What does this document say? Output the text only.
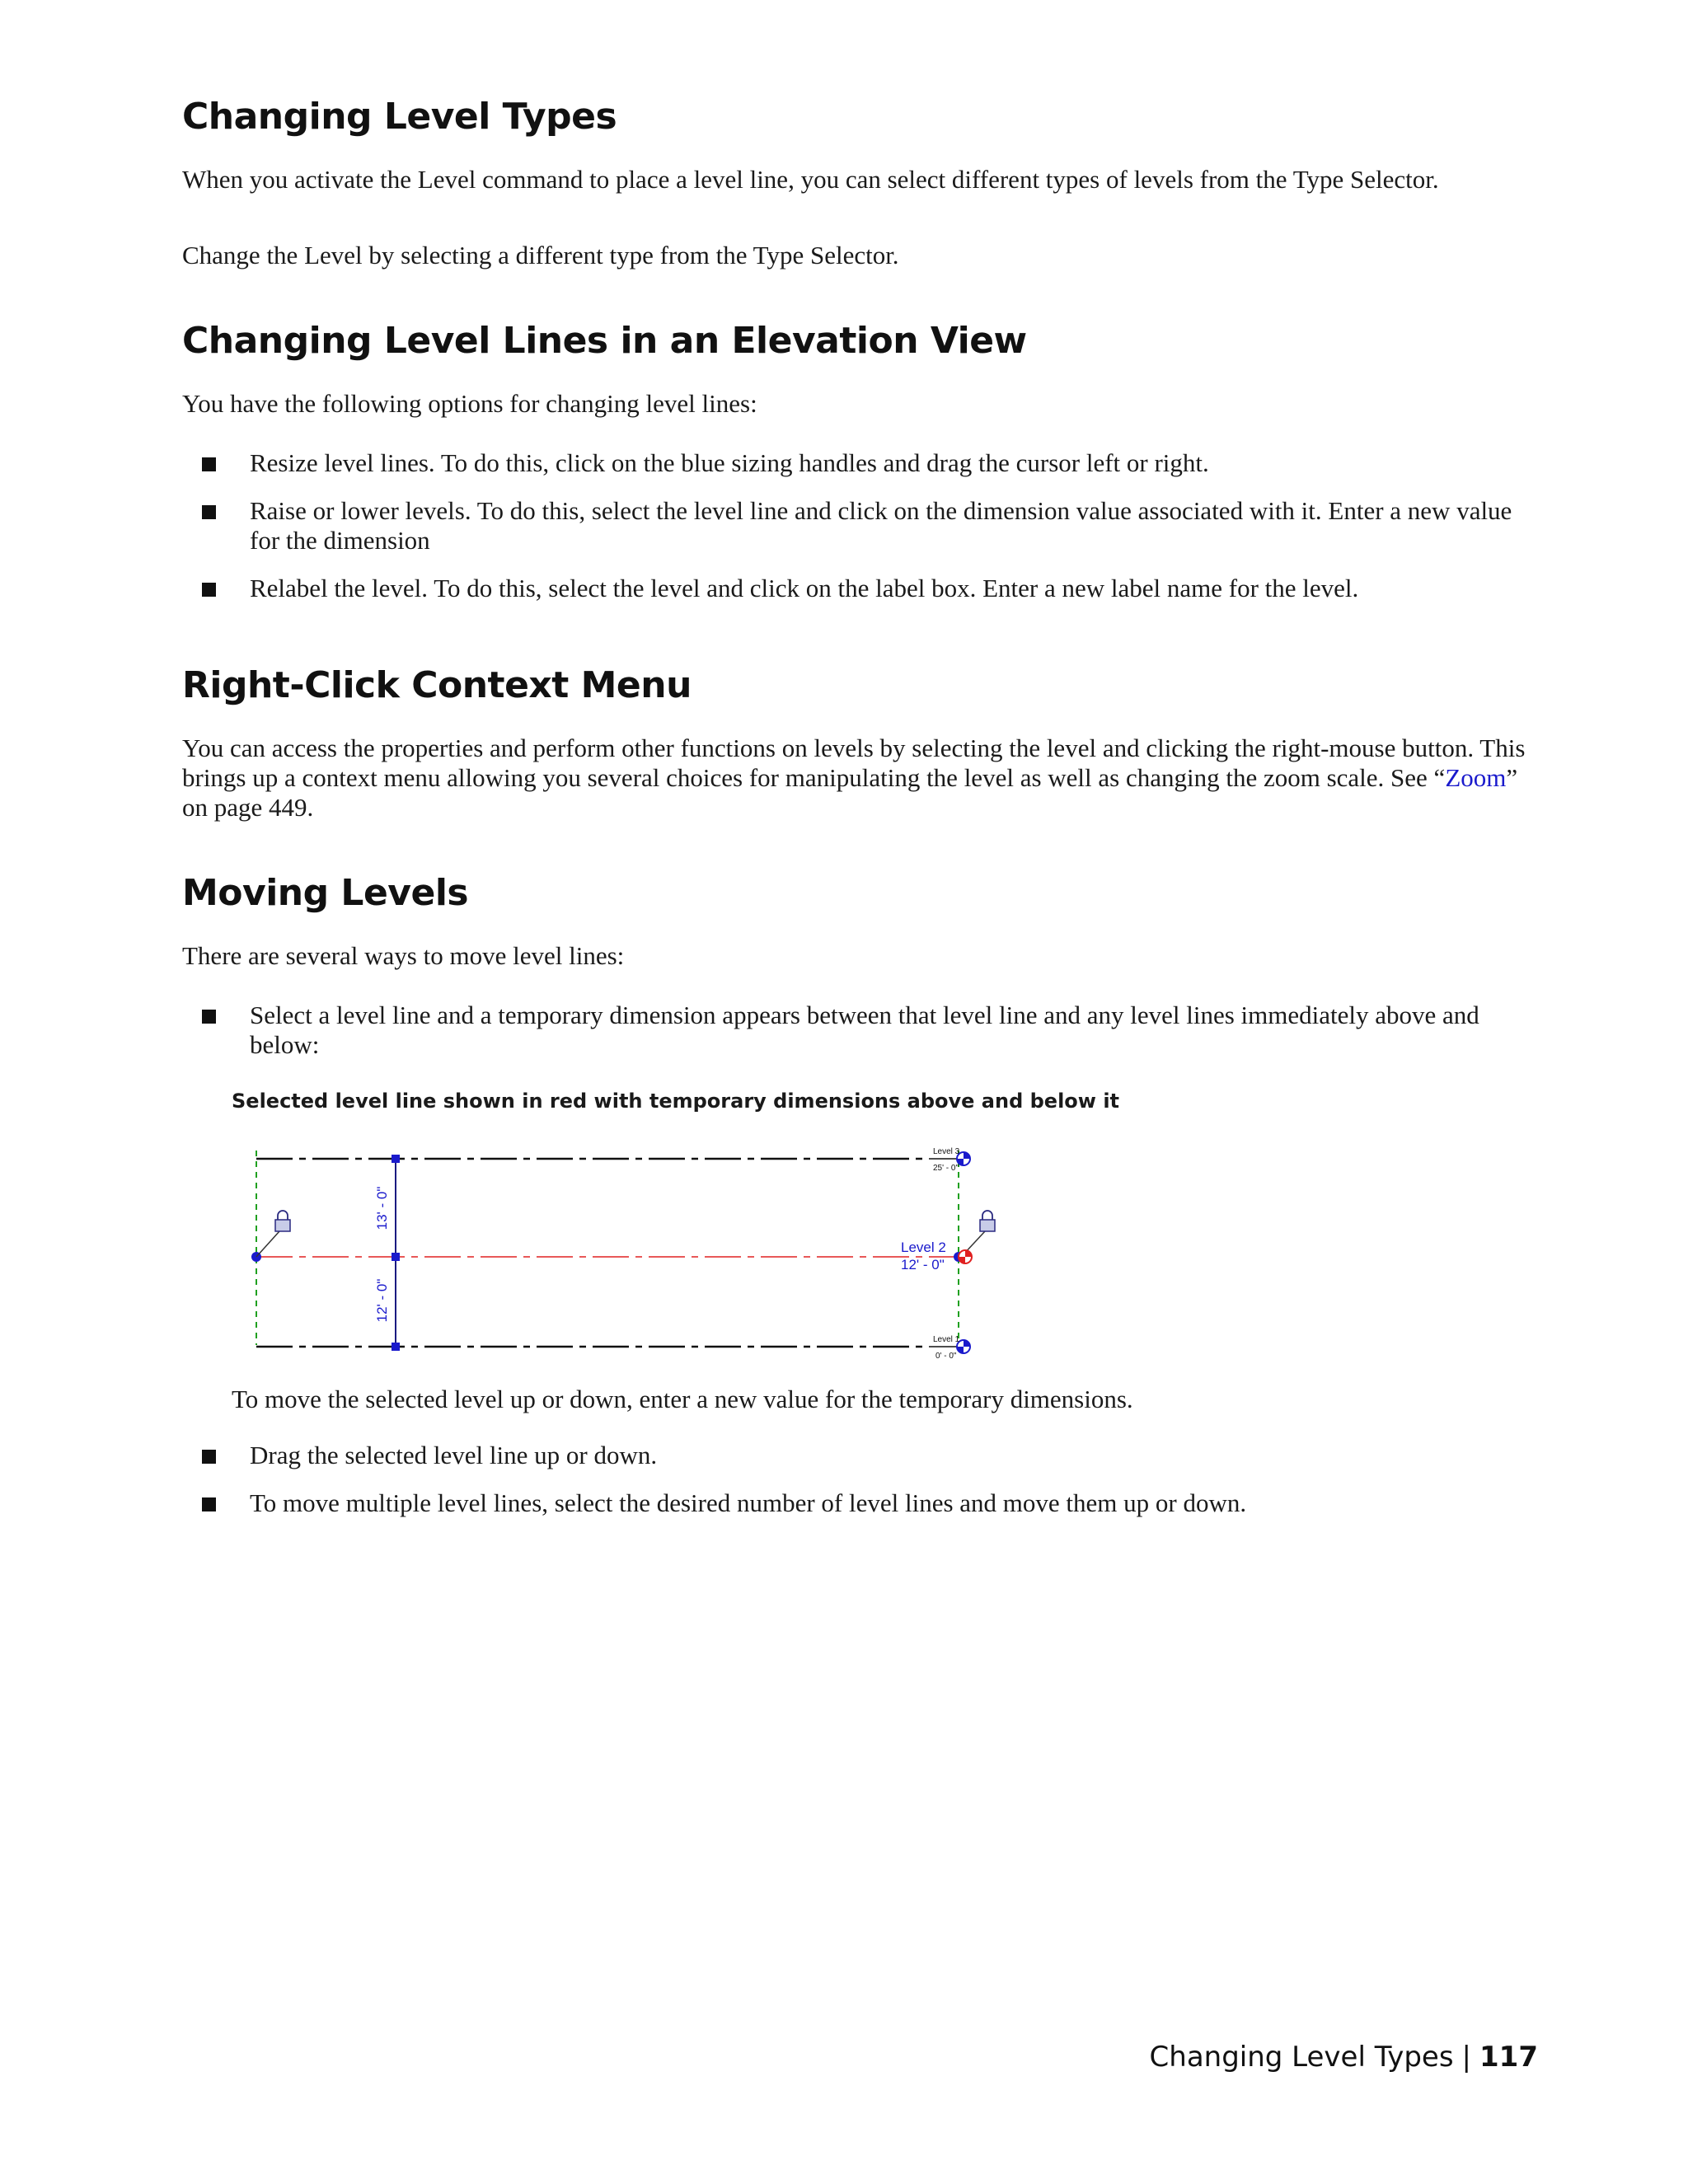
Changing Level Types

When you activate the Level command to place a level line, you can select different types of levels from the Type Selector.

Change the Level by selecting a different type from the Type Selector.

Changing Level Lines in an Elevation View

You have the following options for changing level lines:

Resize level lines. To do this, click on the blue sizing handles and drag the cursor left or right.
Raise or lower levels. To do this, select the level line and click on the dimension value associated with it. Enter a new value for the dimension
Relabel the level. To do this, select the level and click on the label box. Enter a new label name for the level.
Right-Click Context Menu

You can access the properties and perform other functions on levels by selecting the level and clicking the right-mouse button. This brings up a context menu allowing you several choices for manipulating the level as well as changing the zoom scale. See “Zoom” on page 449.

Moving Levels

There are several ways to move level lines:

Select a level line and a temporary dimension appears between that level line and any level lines immediately above and below:

Selected level line shown in red with temporary dimensions above and below it

13' - 0"
12' - 0"
Level 3
25' - 0"
Level 2
12' - 0"
Level 1
0' - 0"

To move the selected level up or down, enter a new value for the temporary dimensions.

Drag the selected level line up or down.
To move multiple level lines, select the desired number of level lines and move them up or down.
Changing Level Types | 117
